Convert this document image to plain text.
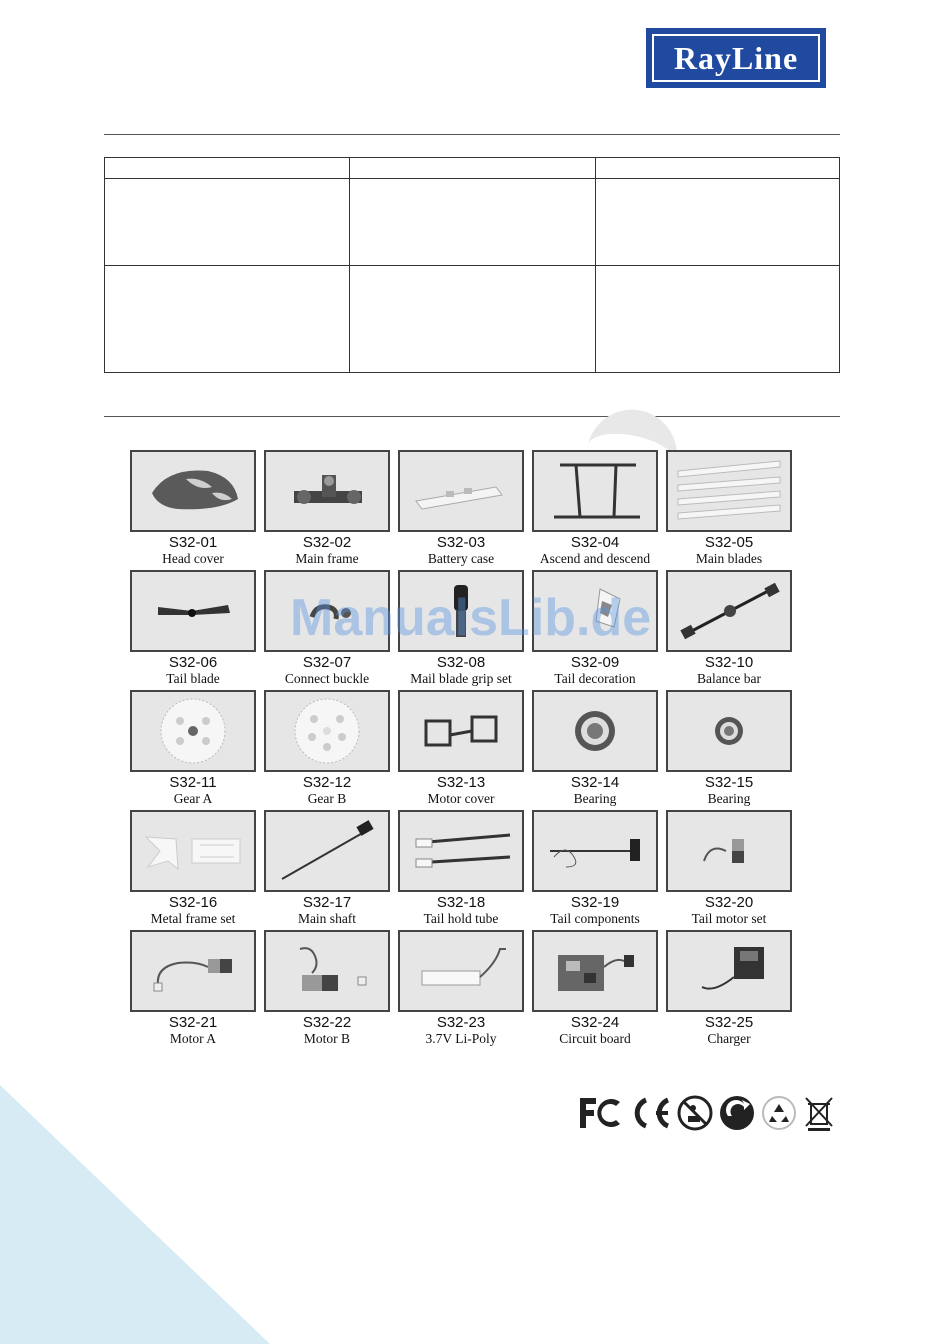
RayLine

S32-01
Head cover
S32-02
Main frame
S32-03
Battery case
S32-04
Ascend and descend
S32-05
Main blades
S32-06
Tail blade
S32-07
Connect buckle
S32-08
Mail blade grip set
S32-09
Tail decoration
S32-10
Balance bar
S32-11
Gear A
S32-12
Gear B
S32-13
Motor cover
S32-14
Bearing
S32-15
Bearing
S32-16
Metal frame set
S32-17
Main shaft
S32-18
Tail hold tube
S32-19
Tail components
S32-20
Tail motor set
S32-21
Motor A
S32-22
Motor B
S32-23
3.7V Li-Poly
S32-24
Circuit board
S32-25
Charger
ManualsLib.de
